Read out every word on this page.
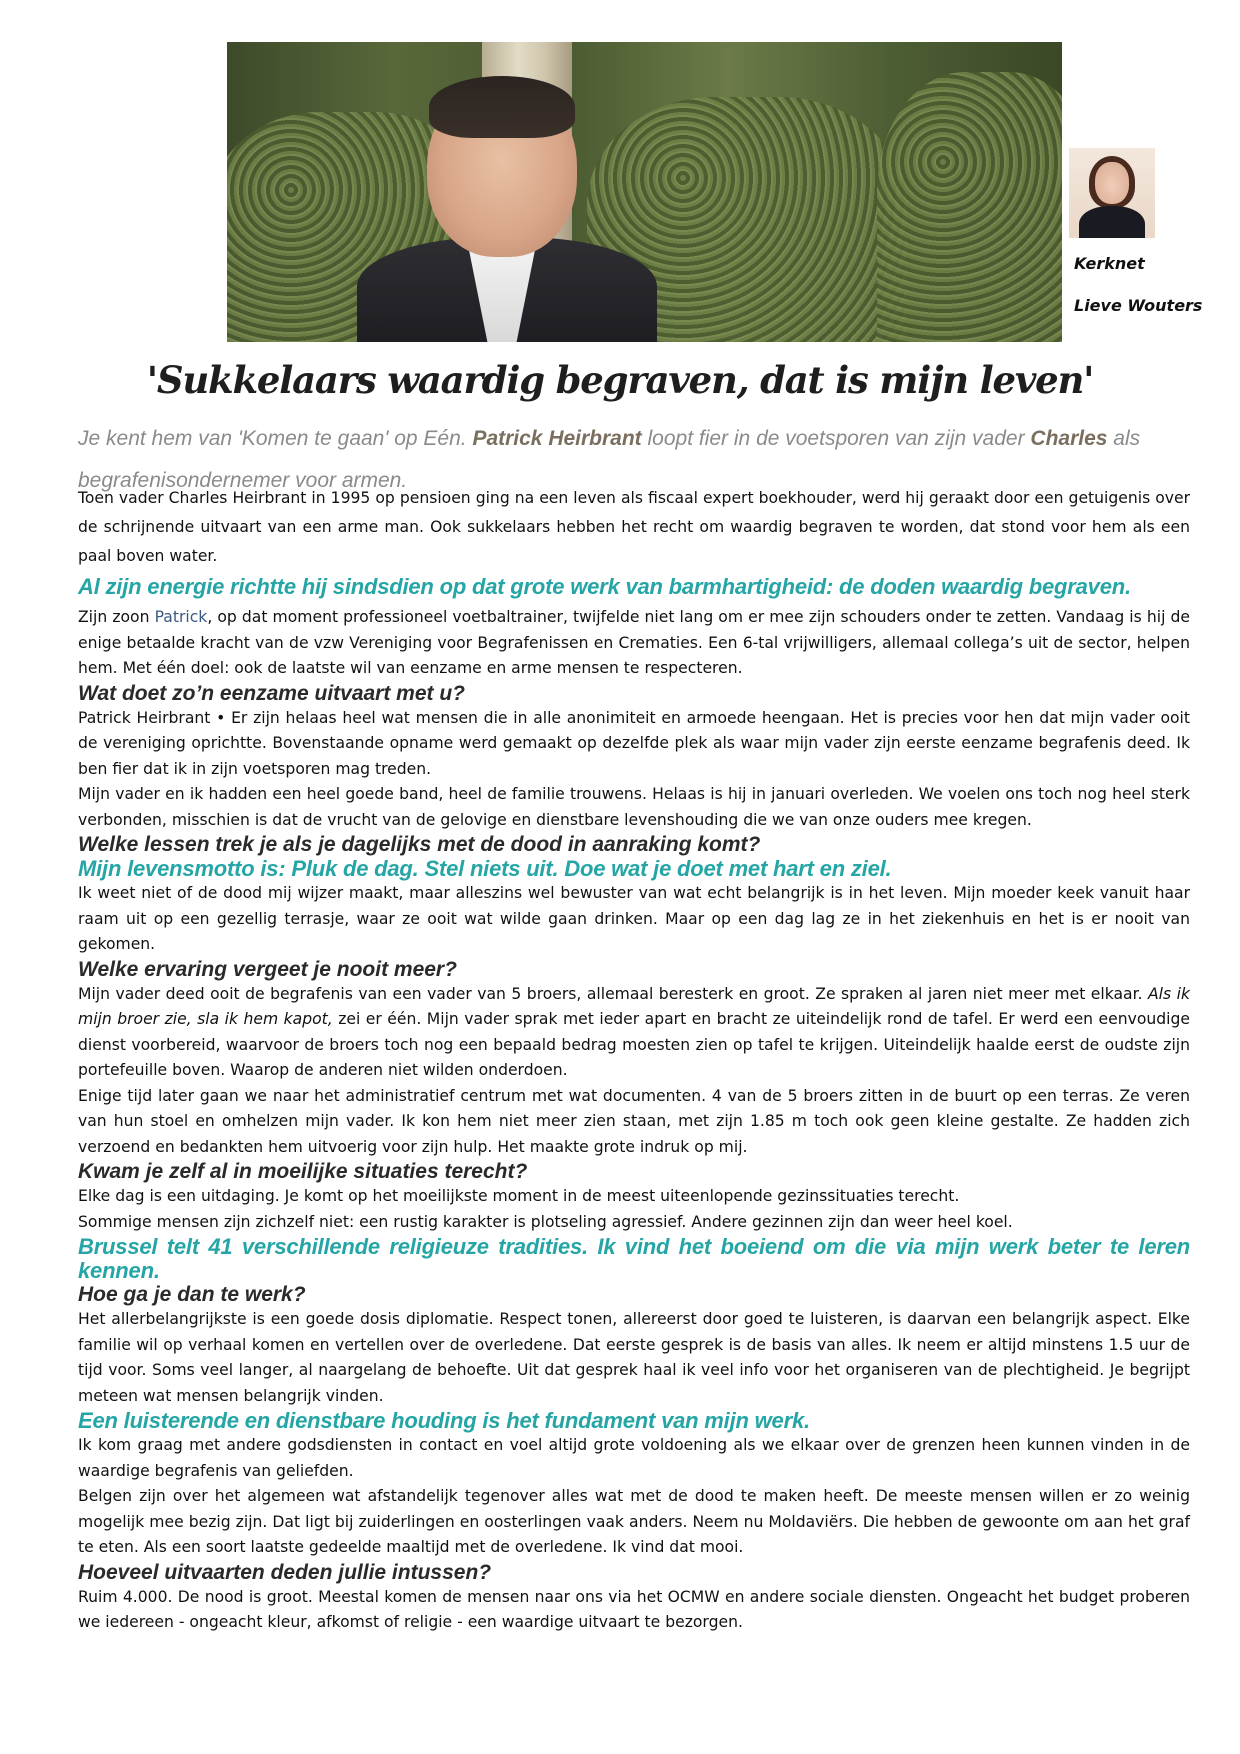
Kerknet
Lieve Wouters
'Sukkelaars waardig begraven, dat is mijn leven'
Je kent hem van 'Komen te gaan' op Eén. Patrick Heirbrant loopt fier in de voetsporen van zijn vader Charles als begrafenisondernemer voor armen.

Toen vader Charles Heirbrant in 1995 op pensioen ging na een leven als fiscaal expert boekhouder, werd hij geraakt door een getuigenis over de schrijnende uitvaart van een arme man. Ook sukkelaars hebben het recht om waardig begraven te worden, dat stond voor hem als een paal boven water.

Al zijn energie richtte hij sindsdien op dat grote werk van barmhartigheid: de doden waardig begraven.

Zijn zoon Patrick, op dat moment professioneel voetbaltrainer, twijfelde niet lang om er mee zijn schouders onder te zetten. Vandaag is hij de enige betaalde kracht van de vzw Vereniging voor Begrafenissen en Crematies. Een 6-tal vrijwilligers, allemaal collega’s uit de sector, helpen hem. Met één doel: ook de laatste wil van eenzame en arme mensen te respecteren.

Wat doet zo’n eenzame uitvaart met u?

Patrick Heirbrant • Er zijn helaas heel wat mensen die in alle anonimiteit en armoede heengaan. Het is precies voor hen dat mijn vader ooit de vereniging oprichtte. Bovenstaande opname werd gemaakt op dezelfde plek als waar mijn vader zijn eerste eenzame begrafenis deed. Ik ben fier dat ik in zijn voetsporen mag treden.

Mijn vader en ik hadden een heel goede band, heel de familie trouwens. Helaas is hij in januari overleden. We voelen ons toch nog heel sterk verbonden, misschien is dat de vrucht van de gelovige en dienstbare levenshouding die we van onze ouders mee kregen.

Welke lessen trek je als je dagelijks met de dood in aanraking komt?

Mijn levensmotto is: Pluk de dag. Stel niets uit. Doe wat je doet met hart en ziel.

Ik weet niet of de dood mij wijzer maakt, maar alleszins wel bewuster van wat echt belangrijk is in het leven. Mijn moeder keek vanuit haar raam uit op een gezellig terrasje, waar ze ooit wat wilde gaan drinken. Maar op een dag lag ze in het ziekenhuis en het is er nooit van gekomen.

Welke ervaring vergeet je nooit meer?

Mijn vader deed ooit de begrafenis van een vader van 5 broers, allemaal beresterk en groot. Ze spraken al jaren niet meer met elkaar. Als ik mijn broer zie, sla ik hem kapot, zei er één. Mijn vader sprak met ieder apart en bracht ze uiteindelijk rond de tafel. Er werd een eenvoudige dienst voorbereid, waarvoor de broers toch nog een bepaald bedrag moesten zien op tafel te krijgen. Uiteindelijk haalde eerst de oudste zijn portefeuille boven. Waarop de anderen niet wilden onderdoen.

Enige tijd later gaan we naar het administratief centrum met wat documenten. 4 van de 5 broers zitten in de buurt op een terras. Ze veren van hun stoel en omhelzen mijn vader. Ik kon hem niet meer zien staan, met zijn 1.85 m toch ook geen kleine gestalte. Ze hadden zich verzoend en bedankten hem uitvoerig voor zijn hulp. Het maakte grote indruk op mij.

Kwam je zelf al in moeilijke situaties terecht?

Elke dag is een uitdaging. Je komt op het moeilijkste moment in de meest uiteenlopende gezinssituaties terecht.

Sommige mensen zijn zichzelf niet: een rustig karakter is plotseling agressief. Andere gezinnen zijn dan weer heel koel.

Brussel telt 41 verschillende religieuze tradities. Ik vind het boeiend om die via mijn werk beter te leren kennen.

Hoe ga je dan te werk?

Het allerbelangrijkste is een goede dosis diplomatie. Respect tonen, allereerst door goed te luisteren, is daarvan een belangrijk aspect. Elke familie wil op verhaal komen en vertellen over de overledene. Dat eerste gesprek is de basis van alles. Ik neem er altijd minstens 1.5 uur de tijd voor. Soms veel langer, al naargelang de behoefte. Uit dat gesprek haal ik veel info voor het organiseren van de plechtigheid. Je begrijpt meteen wat mensen belangrijk vinden.

Een luisterende en dienstbare houding is het fundament van mijn werk.

Ik kom graag met andere godsdiensten in contact en voel altijd grote voldoening als we elkaar over de grenzen heen kunnen vinden in de waardige begrafenis van geliefden.

Belgen zijn over het algemeen wat afstandelijk tegenover alles wat met de dood te maken heeft. De meeste mensen willen er zo weinig mogelijk mee bezig zijn. Dat ligt bij zuiderlingen en oosterlingen vaak anders. Neem nu Moldaviërs. Die hebben de gewoonte om aan het graf te eten. Als een soort laatste gedeelde maaltijd met de overledene. Ik vind dat mooi.

Hoeveel uitvaarten deden jullie intussen?

Ruim 4.000. De nood is groot. Meestal komen de mensen naar ons via het OCMW en andere sociale diensten. Ongeacht het budget proberen we iedereen - ongeacht kleur, afkomst of religie - een waardige uitvaart te bezorgen.
